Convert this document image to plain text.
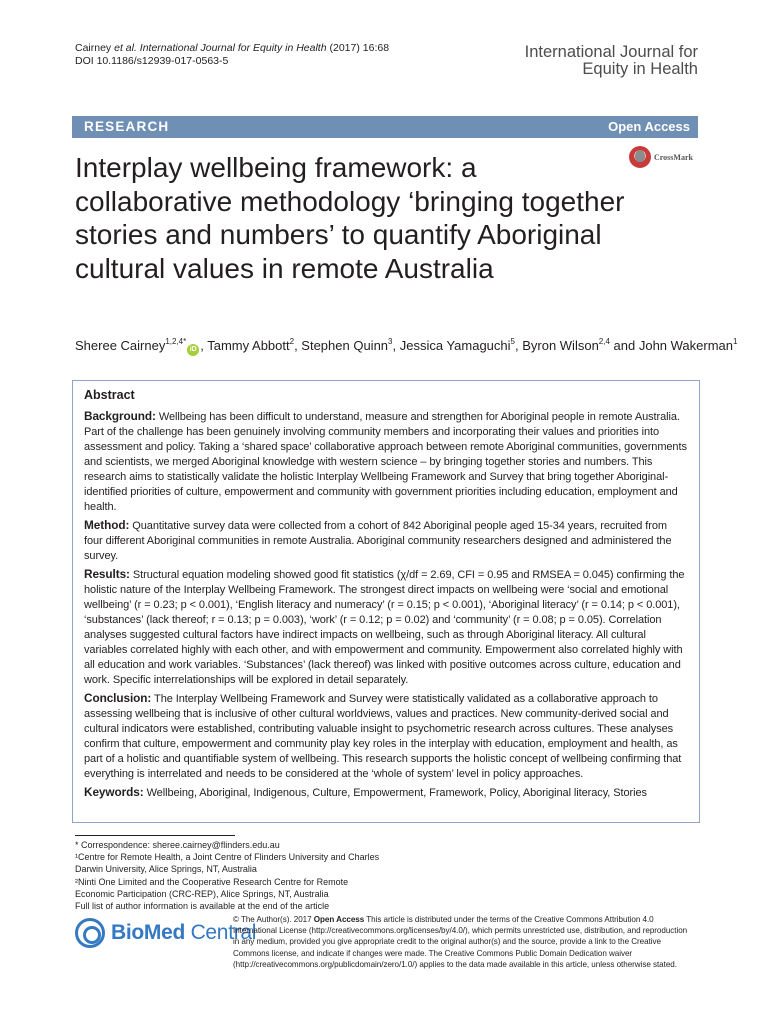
Cairney et al. International Journal for Equity in Health (2017) 16:68
DOI 10.1186/s12939-017-0563-5	International Journal for
Equity in Health
RESEARCH	Open Access
CrossMark
Interplay wellbeing framework: a collaborative methodology ‘bringing together stories and numbers’ to quantify Aboriginal cultural values in remote Australia
Sheree Cairney$^{1,2,4*}$iD , Tammy Abbott$^2$, Stephen Quinn$^3$, Jessica Yamaguchi$^5$, Byron Wilson$^{2,4}$ and John Wakerman$^1$
Abstract

Background: Wellbeing has been difficult to understand, measure and strengthen for Aboriginal people in remote Australia. Part of the challenge has been genuinely involving community members and incorporating their values and priorities into assessment and policy. Taking a ‘shared space’ collaborative approach between remote Aboriginal communities, governments and scientists, we merged Aboriginal knowledge with western science – by bringing together stories and numbers. This research aims to statistically validate the holistic Interplay Wellbeing Framework and Survey that bring together Aboriginal-identified priorities of culture, empowerment and community with government priorities including education, employment and health.

Method: Quantitative survey data were collected from a cohort of 842 Aboriginal people aged 15-34 years, recruited from four different Aboriginal communities in remote Australia. Aboriginal community researchers designed and administered the survey.

Results: Structural equation modeling showed good fit statistics (χ/df = 2.69, CFI = 0.95 and RMSEA = 0.045) confirming the holistic nature of the Interplay Wellbeing Framework. The strongest direct impacts on wellbeing were ‘social and emotional wellbeing’ (r = 0.23; p < 0.001), ‘English literacy and numeracy’ (r = 0.15; p < 0.001), ‘Aboriginal literacy’ (r = 0.14; p < 0.001), ‘substances’ (lack thereof; r = 0.13; p = 0.003), ‘work’ (r = 0.12; p = 0.02) and ‘community’ (r = 0.08; p = 0.05). Correlation analyses suggested cultural factors have indirect impacts on wellbeing, such as through Aboriginal literacy. All cultural variables correlated highly with each other, and with empowerment and community. Empowerment also correlated highly with all education and work variables. ‘Substances’ (lack thereof) was linked with positive outcomes across culture, education and work. Specific interrelationships will be explored in detail separately.

Conclusion: The Interplay Wellbeing Framework and Survey were statistically validated as a collaborative approach to assessing wellbeing that is inclusive of other cultural worldviews, values and practices. New community-derived social and cultural indicators were established, contributing valuable insight to psychometric research across cultures. These analyses confirm that culture, empowerment and community play key roles in the interplay with education, employment and health, as part of a holistic and quantifiable system of wellbeing. This research supports the holistic concept of wellbeing confirming that everything is interrelated and needs to be considered at the ‘whole of system’ level in policy approaches.

Keywords: Wellbeing, Aboriginal, Indigenous, Culture, Empowerment, Framework, Policy, Aboriginal literacy, Stories

* Correspondence: sheree.cairney@flinders.edu.au
¹Centre for Remote Health, a Joint Centre of Flinders University and Charles
Darwin University, Alice Springs, NT, Australia
²Ninti One Limited and the Cooperative Research Centre for Remote
Economic Participation (CRC-REP), Alice Springs, NT, Australia
Full list of author information is available at the end of the article
BioMed Central
© The Author(s). 2017 Open Access This article is distributed under the terms of the Creative Commons Attribution 4.0 International License (http://creativecommons.org/licenses/by/4.0/), which permits unrestricted use, distribution, and reproduction in any medium, provided you give appropriate credit to the original author(s) and the source, provide a link to the Creative Commons license, and indicate if changes were made. The Creative Commons Public Domain Dedication waiver (http://creativecommons.org/publicdomain/zero/1.0/) applies to the data made available in this article, unless otherwise stated.
